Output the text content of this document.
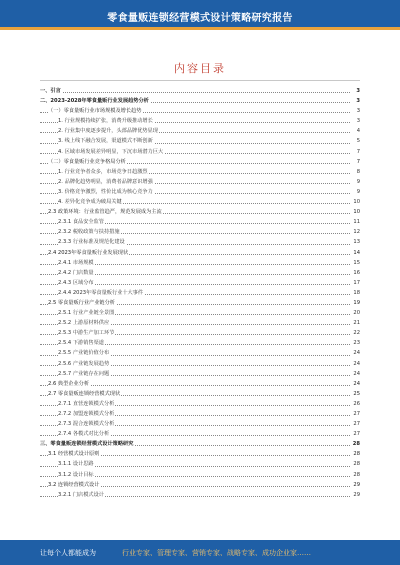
零食量贩连锁经营模式设计策略研究报告
内容目录
一、引言	3
二、2023-2028年零食量贩行业发展趋势分析	3
（一）零食量贩行业市场规模及增长趋势	3
1. 行业规模持续扩张，消费升级推动增长	3
2. 行业集中度逐步提升，头部品牌优势显现	4
3. 线上线下融合发展，渠道模式不断创新	5
4. 区域市场发展差异明显，下沉市场潜力巨大	7
（二）零食量贩行业竞争格局分析	7
1. 行业竞争者众多，市场竞争日趋激烈	8
2. 品牌化趋势明显，消费者品牌意识增强	9
3. 价格竞争激烈，性价比成为核心竞争力	9
4. 差异化竞争成为破局关键	10
2.3 政策环境：行业监管趋严，规范发展成为主流	10
2.3.1 食品安全监管	11
2.3.2 税收政策与扶持措施	12
2.3.3 行业标准及规范化建设	13
2.4 2023年零食量贩行业发展现状	14
2.4.1 市场规模	15
2.4.2 门店数量	16
2.4.3 区域分布	17
2.4.4 2023年零食量贩行业十大事件	18
2.5 零食量贩行业产业链分析	19
2.5.1 行业产业链全景图	20
2.5.2 上游原材料供应	21
2.5.3 中游生产加工环节	22
2.5.4 下游销售渠道	23
2.5.5 产业链价值分布	24
2.5.6 产业链发展趋势	24
2.5.7 产业链存在问题	24
2.6 典型企业分析	24
2.7 零食量贩连锁经营模式现状	25
2.7.1 直营连锁模式分析	26
2.7.2 加盟连锁模式分析	27
2.7.3 混合连锁模式分析	27
2.7.4 各模式对比分析	27
三、零食量贩连锁经营模式设计策略研究	28
3.1 经营模式设计原则	28
3.1.1 设计思路	28
3.1.2 设计目标	28
3.2 连锁经营模式设计	29
3.2.1 门店模式设计	29
让每个人都能成为	行业专家、管理专家、营销专家、战略专家、成功企业家……
